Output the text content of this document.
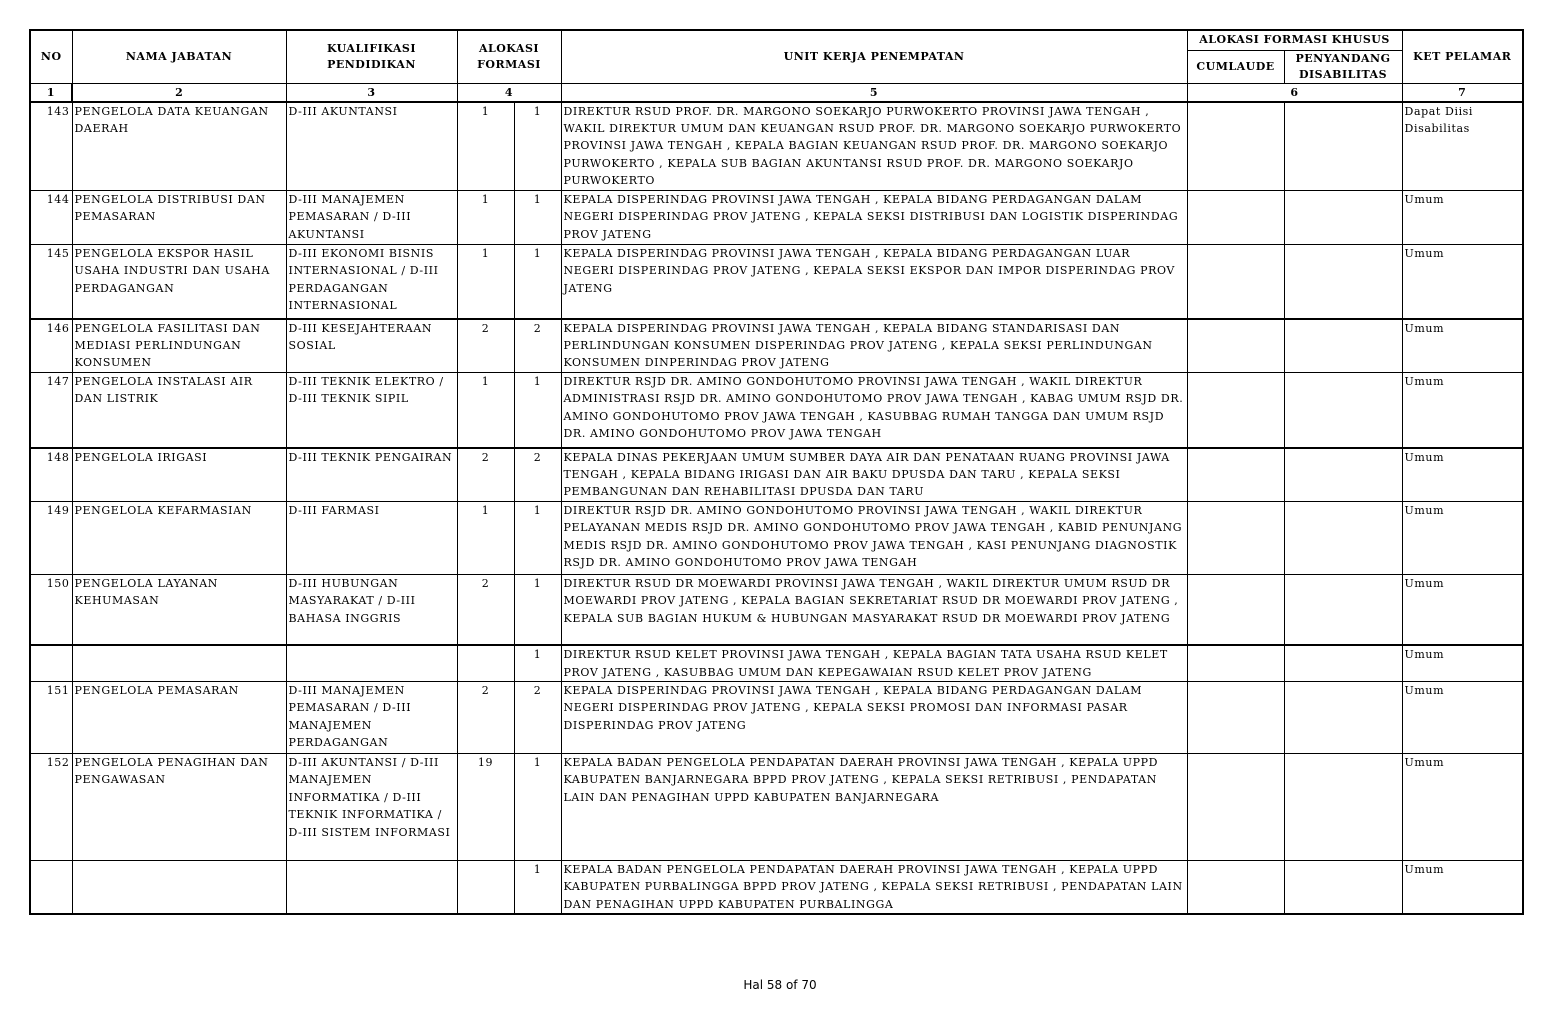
NO	NAMA JABATAN	KUALIFIKASI PENDIDIKAN	ALOKASI FORMASI		UNIT KERJA PENEMPATAN	ALOKASI FORMASI KHUSUS		KET PELAMAR
						CUMLAUDE	PENYANDANG DISABILITAS	
1	2	3	4		5	6		7
143	PENGELOLA DATA KEUANGAN DAERAH	D-III AKUNTANSI	1	1	DIREKTUR RSUD PROF. DR. MARGONO SOEKARJO PURWOKERTO PROVINSI JAWA TENGAH , WAKIL DIREKTUR UMUM DAN KEUANGAN RSUD PROF. DR. MARGONO SOEKARJO PURWOKERTO PROVINSI JAWA TENGAH , KEPALA BAGIAN KEUANGAN RSUD PROF. DR. MARGONO SOEKARJO PURWOKERTO , KEPALA SUB BAGIAN AKUNTANSI RSUD PROF. DR. MARGONO SOEKARJO PURWOKERTO			Dapat Diisi Disabilitas
144	PENGELOLA DISTRIBUSI DAN PEMASARAN	D-III MANAJEMEN PEMASARAN / D-III AKUNTANSI	1	1	KEPALA DISPERINDAG PROVINSI JAWA TENGAH , KEPALA BIDANG PERDAGANGAN DALAM NEGERI DISPERINDAG PROV JATENG , KEPALA SEKSI DISTRIBUSI DAN LOGISTIK DISPERINDAG PROV JATENG			Umum
145	PENGELOLA EKSPOR HASIL USAHA INDUSTRI DAN USAHA PERDAGANGAN	D-III EKONOMI BISNIS INTERNASIONAL / D-III PERDAGANGAN INTERNASIONAL	1	1	KEPALA DISPERINDAG PROVINSI JAWA TENGAH , KEPALA BIDANG PERDAGANGAN LUAR NEGERI DISPERINDAG PROV JATENG , KEPALA SEKSI EKSPOR DAN IMPOR DISPERINDAG PROV JATENG			Umum
146	PENGELOLA FASILITASI DAN MEDIASI PERLINDUNGAN KONSUMEN	D-III KESEJAHTERAAN SOSIAL	2	2	KEPALA DISPERINDAG PROVINSI JAWA TENGAH , KEPALA BIDANG STANDARISASI DAN PERLINDUNGAN KONSUMEN DISPERINDAG PROV JATENG , KEPALA SEKSI PERLINDUNGAN KONSUMEN DINPERINDAG PROV JATENG			Umum
147	PENGELOLA INSTALASI AIR DAN LISTRIK	D-III TEKNIK ELEKTRO / D-III TEKNIK SIPIL	1	1	DIREKTUR RSJD DR. AMINO GONDOHUTOMO PROVINSI JAWA TENGAH , WAKIL DIREKTUR ADMINISTRASI RSJD DR. AMINO GONDOHUTOMO PROV JAWA TENGAH , KABAG UMUM RSJD DR. AMINO GONDOHUTOMO PROV JAWA TENGAH , KASUBBAG RUMAH TANGGA DAN UMUM RSJD DR. AMINO GONDOHUTOMO PROV JAWA TENGAH			Umum
148	PENGELOLA IRIGASI	D-III TEKNIK PENGAIRAN	2	2	KEPALA DINAS PEKERJAAN UMUM SUMBER DAYA AIR DAN PENATAAN RUANG PROVINSI JAWA TENGAH , KEPALA BIDANG IRIGASI DAN AIR BAKU DPUSDA DAN TARU , KEPALA SEKSI PEMBANGUNAN DAN REHABILITASI DPUSDA DAN TARU			Umum
149	PENGELOLA KEFARMASIAN	D-III FARMASI	1	1	DIREKTUR RSJD DR. AMINO GONDOHUTOMO PROVINSI JAWA TENGAH , WAKIL DIREKTUR PELAYANAN MEDIS RSJD DR. AMINO GONDOHUTOMO PROV JAWA TENGAH , KABID PENUNJANG MEDIS RSJD DR. AMINO GONDOHUTOMO PROV JAWA TENGAH , KASI PENUNJANG DIAGNOSTIK RSJD DR. AMINO GONDOHUTOMO PROV JAWA TENGAH			Umum
150	PENGELOLA LAYANAN KEHUMASAN	D-III HUBUNGAN MASYARAKAT / D-III BAHASA INGGRIS	2	1	DIREKTUR RSUD DR MOEWARDI PROVINSI JAWA TENGAH , WAKIL DIREKTUR UMUM RSUD DR MOEWARDI PROV JATENG , KEPALA BAGIAN SEKRETARIAT RSUD DR MOEWARDI PROV JATENG , KEPALA SUB BAGIAN HUKUM & HUBUNGAN MASYARAKAT RSUD DR MOEWARDI PROV JATENG			Umum
				1	DIREKTUR RSUD KELET PROVINSI JAWA TENGAH , KEPALA BAGIAN TATA USAHA RSUD KELET PROV JATENG , KASUBBAG UMUM DAN KEPEGAWAIAN RSUD KELET PROV JATENG			Umum
151	PENGELOLA PEMASARAN	D-III MANAJEMEN PEMASARAN / D-III MANAJEMEN PERDAGANGAN	2	2	KEPALA DISPERINDAG PROVINSI JAWA TENGAH , KEPALA BIDANG PERDAGANGAN DALAM NEGERI DISPERINDAG PROV JATENG , KEPALA SEKSI PROMOSI DAN INFORMASI PASAR DISPERINDAG PROV JATENG			Umum
152	PENGELOLA PENAGIHAN DAN PENGAWASAN	D-III AKUNTANSI / D-III MANAJEMEN INFORMATIKA / D-III TEKNIK INFORMATIKA / D-III SISTEM INFORMASI	19	1	KEPALA BADAN PENGELOLA PENDAPATAN DAERAH PROVINSI JAWA TENGAH , KEPALA UPPD KABUPATEN BANJARNEGARA BPPD PROV JATENG , KEPALA SEKSI RETRIBUSI , PENDAPATAN LAIN DAN PENAGIHAN UPPD KABUPATEN BANJARNEGARA			Umum
				1	KEPALA BADAN PENGELOLA PENDAPATAN DAERAH PROVINSI JAWA TENGAH , KEPALA UPPD KABUPATEN PURBALINGGA BPPD PROV JATENG , KEPALA SEKSI RETRIBUSI , PENDAPATAN LAIN DAN PENAGIHAN UPPD KABUPATEN PURBALINGGA			Umum
Hal 58 of 70
